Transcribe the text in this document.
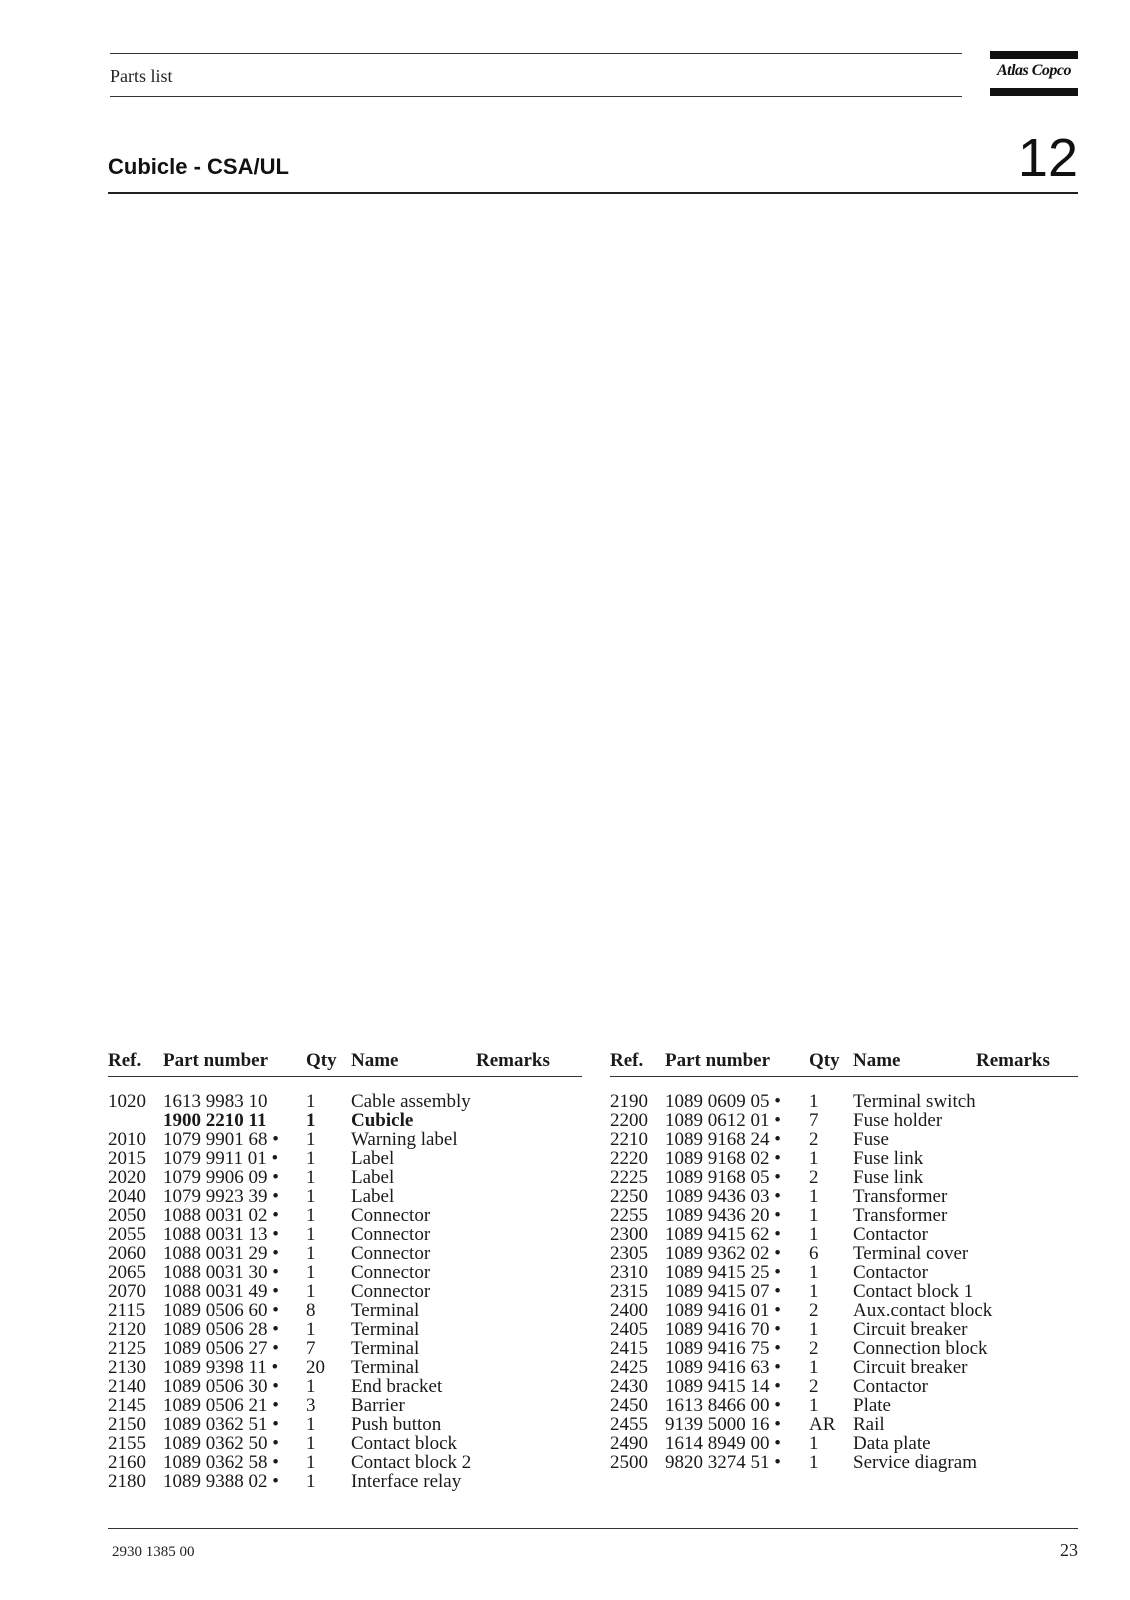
Parts list	Atlas Copco
Cubicle - CSA/UL	12
Ref. Part number Qty Name	Remarks
1020 1613 9983 10 1 Cable assembly
1900 2210 11 1 Cubicle
2010 1079 9901 68 • 1 Warning label
2015 1079 9911 01 • 1 Label
2020 1079 9906 09 • 1 Label
2040 1079 9923 39 • 1 Label
2050 1088 0031 02 • 1 Connector
2055 1088 0031 13 • 1 Connector
2060 1088 0031 29 • 1 Connector
2065 1088 0031 30 • 1 Connector
2070 1088 0031 49 • 1 Connector
2115 1089 0506 60 • 8 Terminal
2120 1089 0506 28 • 1 Terminal
2125 1089 0506 27 • 7 Terminal
2130 1089 9398 11 • 20 Terminal
2140 1089 0506 30 • 1 End bracket
2145 1089 0506 21 • 3 Barrier
2150 1089 0362 51 • 1 Push button
2155 1089 0362 50 • 1 Contact block
2160 1089 0362 58 • 1 Contact block 2
2180 1089 9388 02 • 1 Interface relay
Ref. Part number Qty Name	Remarks
2190 1089 0609 05 • 1 Terminal switch
2200 1089 0612 01 • 7 Fuse holder
2210 1089 9168 24 • 2 Fuse
2220 1089 9168 02 • 1 Fuse link
2225 1089 9168 05 • 2 Fuse link
2250 1089 9436 03 • 1 Transformer
2255 1089 9436 20 • 1 Transformer
2300 1089 9415 62 • 1 Contactor
2305 1089 9362 02 • 6 Terminal cover
2310 1089 9415 25 • 1 Contactor
2315 1089 9415 07 • 1 Contact block 1
2400 1089 9416 01 • 2 Aux.contact block
2405 1089 9416 70 • 1 Circuit breaker
2415 1089 9416 75 • 2 Connection block
2425 1089 9416 63 • 1 Circuit breaker
2430 1089 9415 14 • 2 Contactor
2450 1613 8466 00 • 1 Plate
2455 9139 5000 16 • AR Rail
2490 1614 8949 00 • 1 Data plate
2500 9820 3274 51 • 1 Service diagram
2930 1385 00	23
